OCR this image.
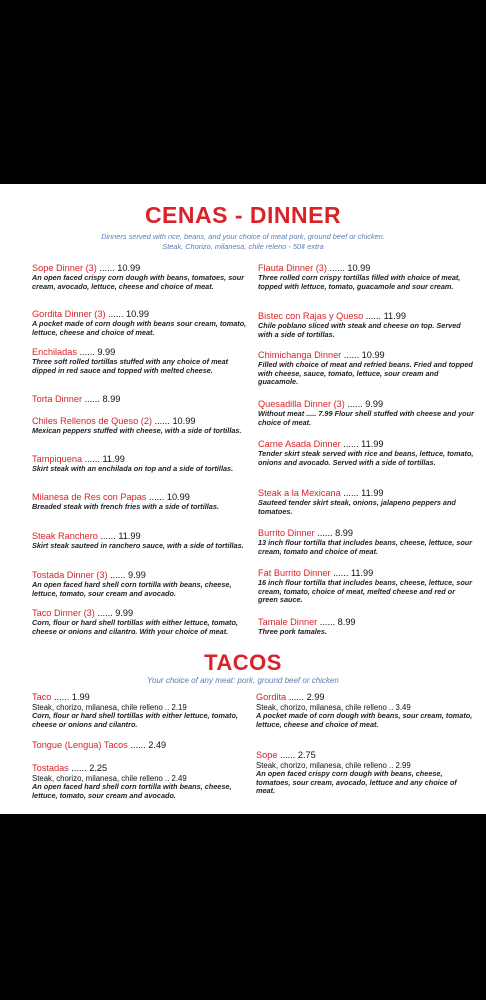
CENAS - DINNER

Dinners served with rice, beans, and your choice of meat pork, ground beef or chicken.

Steak, Chorizo, milanesa, chile releno - 50¢ extra

Sope Dinner (3) ...... 10.99

An open faced crispy corn dough with beans, tomatoes, sour cream, avocado, lettuce, cheese and choice of meat.

Gordita Dinner (3) ...... 10.99

A pocket made of corn dough with beans sour cream, tomato, lettuce, cheese and choice of meat.

Enchiladas ...... 9.99

Three soft rolled tortillas stuffed with any choice of meat dipped in red sauce and topped with melted cheese.

Torta Dinner ...... 8.99
Chiles Rellenos de Queso (2) ...... 10.99

Mexican peppers stuffed with cheese, with a side of tortillas.

Tampiquena ...... 11.99

Skirt steak with an enchilada on top and a side of tortillas.

Milanesa de Res con Papas ...... 10.99

Breaded steak with french fries with a side of tortillas.

Steak Ranchero ...... 11.99

Skirt steak sauteed in ranchero sauce, with a side of tortillas.

Tostada Dinner (3) ...... 9.99

An open faced hard shell corn tortilla with beans, cheese, lettuce, tomato, sour cream and avocado.

Taco Dinner (3) ...... 9.99

Corn, flour or hard shell tortillas with either lettuce, tomato, cheese or onions and cilantro. With your choice of meat.

Flauta Dinner (3) ...... 10.99

Three rolled corn crispy tortillas filled with choice of meat, topped with lettuce, tomato, guacamole and sour cream.

Bistec con Rajas y Queso ...... 11.99

Chile poblano sliced with steak and cheese on top. Served with a side of tortillas.

Chimichanga Dinner ...... 10.99

Filled with choice of meat and refried beans. Fried and topped with cheese, sauce, tomato, lettuce, sour cream and guacamole.

Quesadilla Dinner (3) ...... 9.99

Without meat ..... 7.99 Flour shell stuffed with cheese and your choice of meat.

Carne Asada Dinner ...... 11.99

Tender skirt steak served with rice and beans, lettuce, tomato, onions and avocado. Served with a side of tortillas.

Steak a la Mexicana ...... 11.99

Sauteed tender skirt steak, onions, jalapeno peppers and tomatoes.

Burrito Dinner ...... 8.99

13 inch flour tortilla that includes beans, cheese, lettuce, sour cream, tomato and choice of meat.

Fat Burrito Dinner ...... 11.99

16 inch flour tortilla that includes beans, cheese, lettuce, sour cream, tomato, choice of meat, melted cheese and red or green sauce.

Tamale Dinner ...... 8.99

Three pork tamales.

TACOS

Your choice of any meat: pork, ground beef or chicken

Taco ...... 1.99
Steak, chorizo, milanesa, chile relleno .. 2.19

Corn, flour or hard shell tortillas with either lettuce, tomato, cheese or onions and cilantro.

Tongue (Lengua) Tacos ...... 2.49
Tostadas ...... 2.25
Steak, chorizo, milanesa, chile relleno .. 2.49

An open faced hard shell corn tortilla with beans, cheese, lettuce, tomato, sour cream and avocado.

Gordita ...... 2.99
Steak, chorizo, milanesa, chile relleno .. 3.49

A pocket made of corn dough with beans, sour cream, tomato, lettuce, cheese and choice of meat.

Sope ...... 2.75
Steak, chorizo, milanesa, chile relleno .. 2.99

An open faced crispy corn dough with beans, cheese, tomatoes, sour cream, avocado, lettuce and any choice of meat.
